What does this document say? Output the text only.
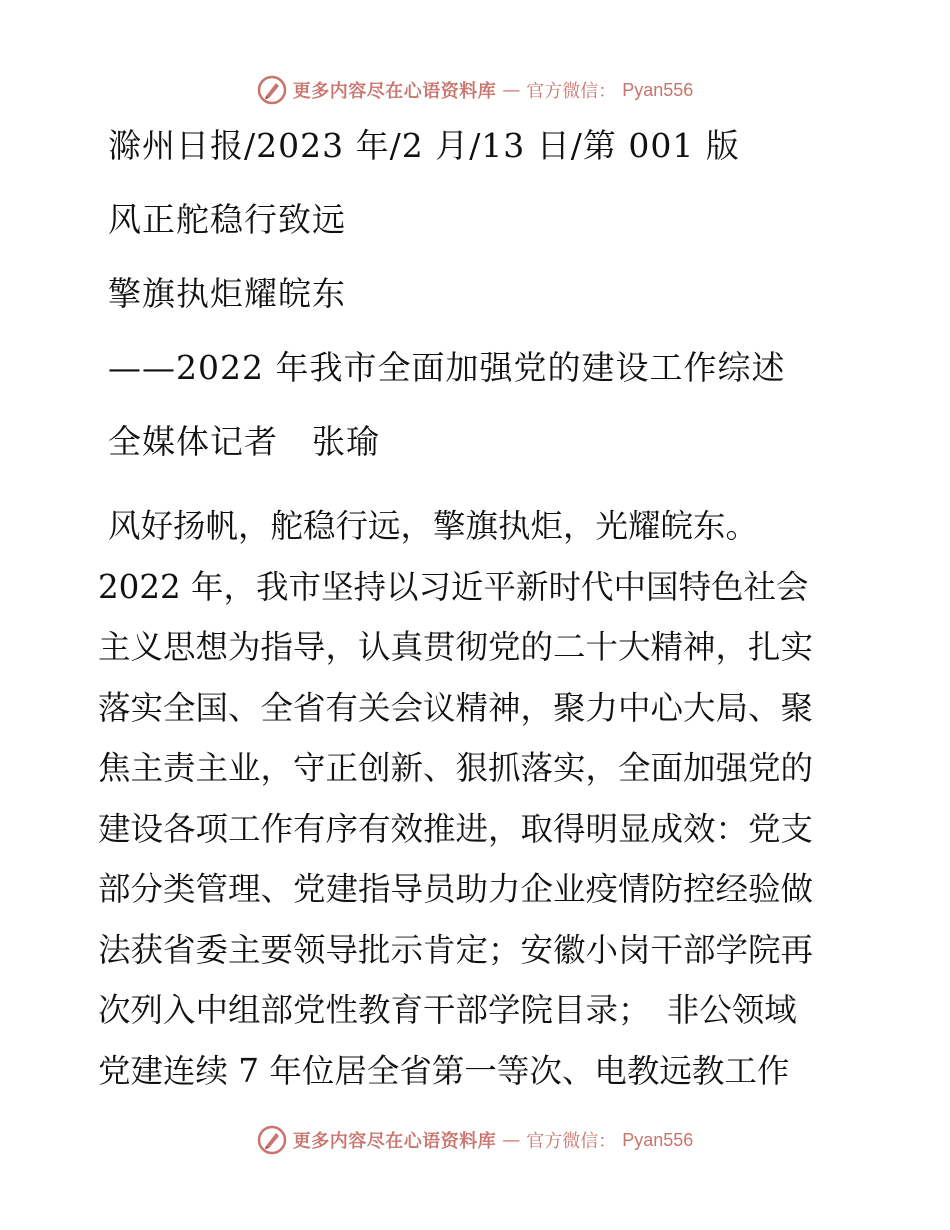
更多内容尽在心语资料库 — 官方微信： Pyan556
滁州日报/2023 年/2 月/13 日/第 001 版
风正舵稳行致远
擎旗执炬耀皖东
——2022 年我市全面加强党的建设工作综述
全媒体记者　张瑜
风好扬帆，舵稳行远，擎旗执炬，光耀皖东。
2022 年，我市坚持以习近平新时代中国特色社会
主义思想为指导，认真贯彻党的二十大精神，扎实
落实全国、全省有关会议精神，聚力中心大局、聚
焦主责主业，守正创新、狠抓落实，全面加强党的
建设各项工作有序有效推进，取得明显成效：党支
部分类管理、党建指导员助力企业疫情防控经验做
法获省委主要领导批示肯定；安徽小岗干部学院再
次列入中组部党性教育干部学院目录；　非公领域
党建连续 7 年位居全省第一等次、电教远教工作
更多内容尽在心语资料库 — 官方微信： Pyan556
